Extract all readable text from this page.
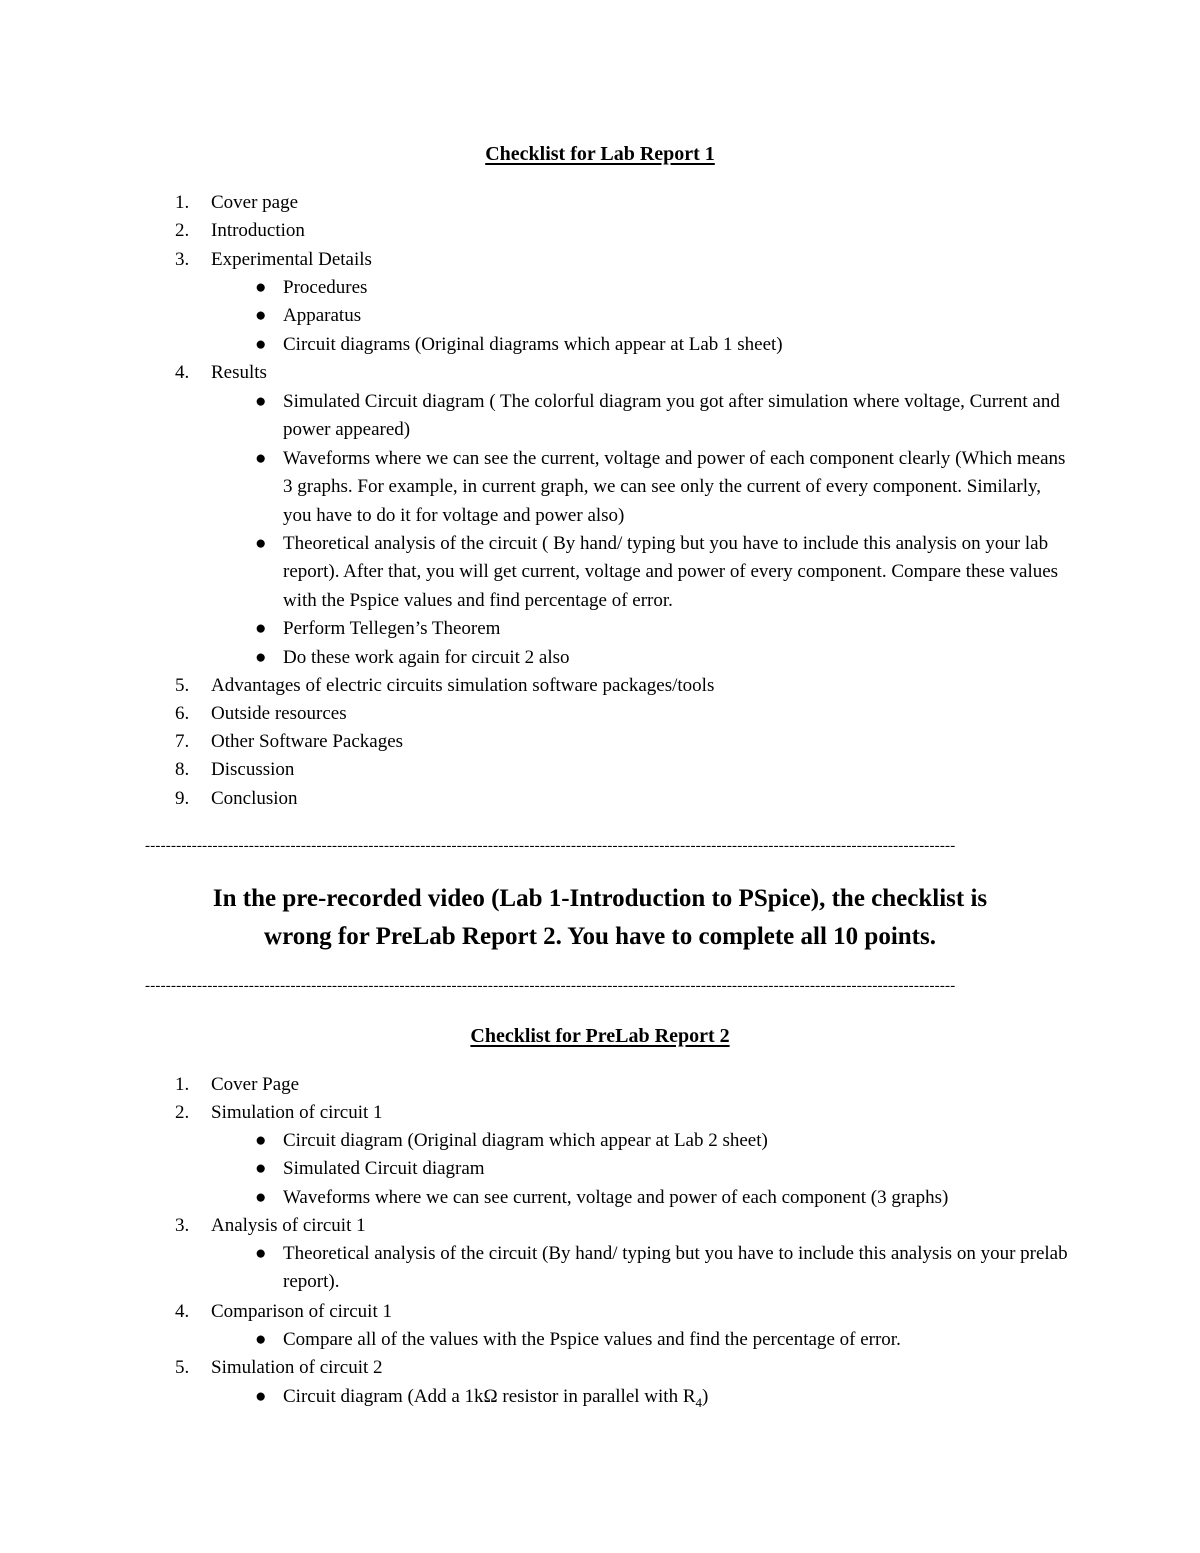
Checklist for Lab Report 1
1.	Cover page
2.	Introduction
3.	Experimental Details
● Procedures
● Apparatus
● Circuit diagrams (Original diagrams which appear at Lab 1 sheet)
4.	Results
● Simulated Circuit diagram ( The colorful diagram you got after simulation where voltage, Current and power appeared)
● Waveforms where we can see the current, voltage and power of each component clearly (Which means 3 graphs. For example, in current graph, we can see only the current of every component. Similarly, you have to do it for voltage and power also)
● Theoretical analysis of the circuit ( By hand/ typing but you have to include this analysis on your lab report). After that, you will get current, voltage and power of every component. Compare these values with the Pspice values and find percentage of error.
● Perform Tellegen’s Theorem
● Do these work again for circuit 2 also
5.	Advantages of electric circuits simulation software packages/tools
6.	Outside resources
7.	Other Software Packages
8.	Discussion
9.	Conclusion
------------------------------------------------------------------------------------------------------------------------------------------------------------
In the pre-recorded video (Lab 1-Introduction to PSpice), the checklist is
wrong for PreLab Report 2. You have to complete all 10 points.
------------------------------------------------------------------------------------------------------------------------------------------------------------
Checklist for PreLab Report 2
1.	Cover Page
2.	Simulation of circuit 1
● Circuit diagram (Original diagram which appear at Lab 2 sheet)
● Simulated Circuit diagram
● Waveforms where we can see current, voltage and power of each component (3 graphs)
3.	Analysis of circuit 1
● Theoretical analysis of the circuit (By hand/ typing but you have to include this analysis on your prelab report).
4.	Comparison of circuit 1
● Compare all of the values with the Pspice values and find the percentage of error.
5.	Simulation of circuit 2
● Circuit diagram (Add a 1kΩ resistor in parallel with $R_4$)
